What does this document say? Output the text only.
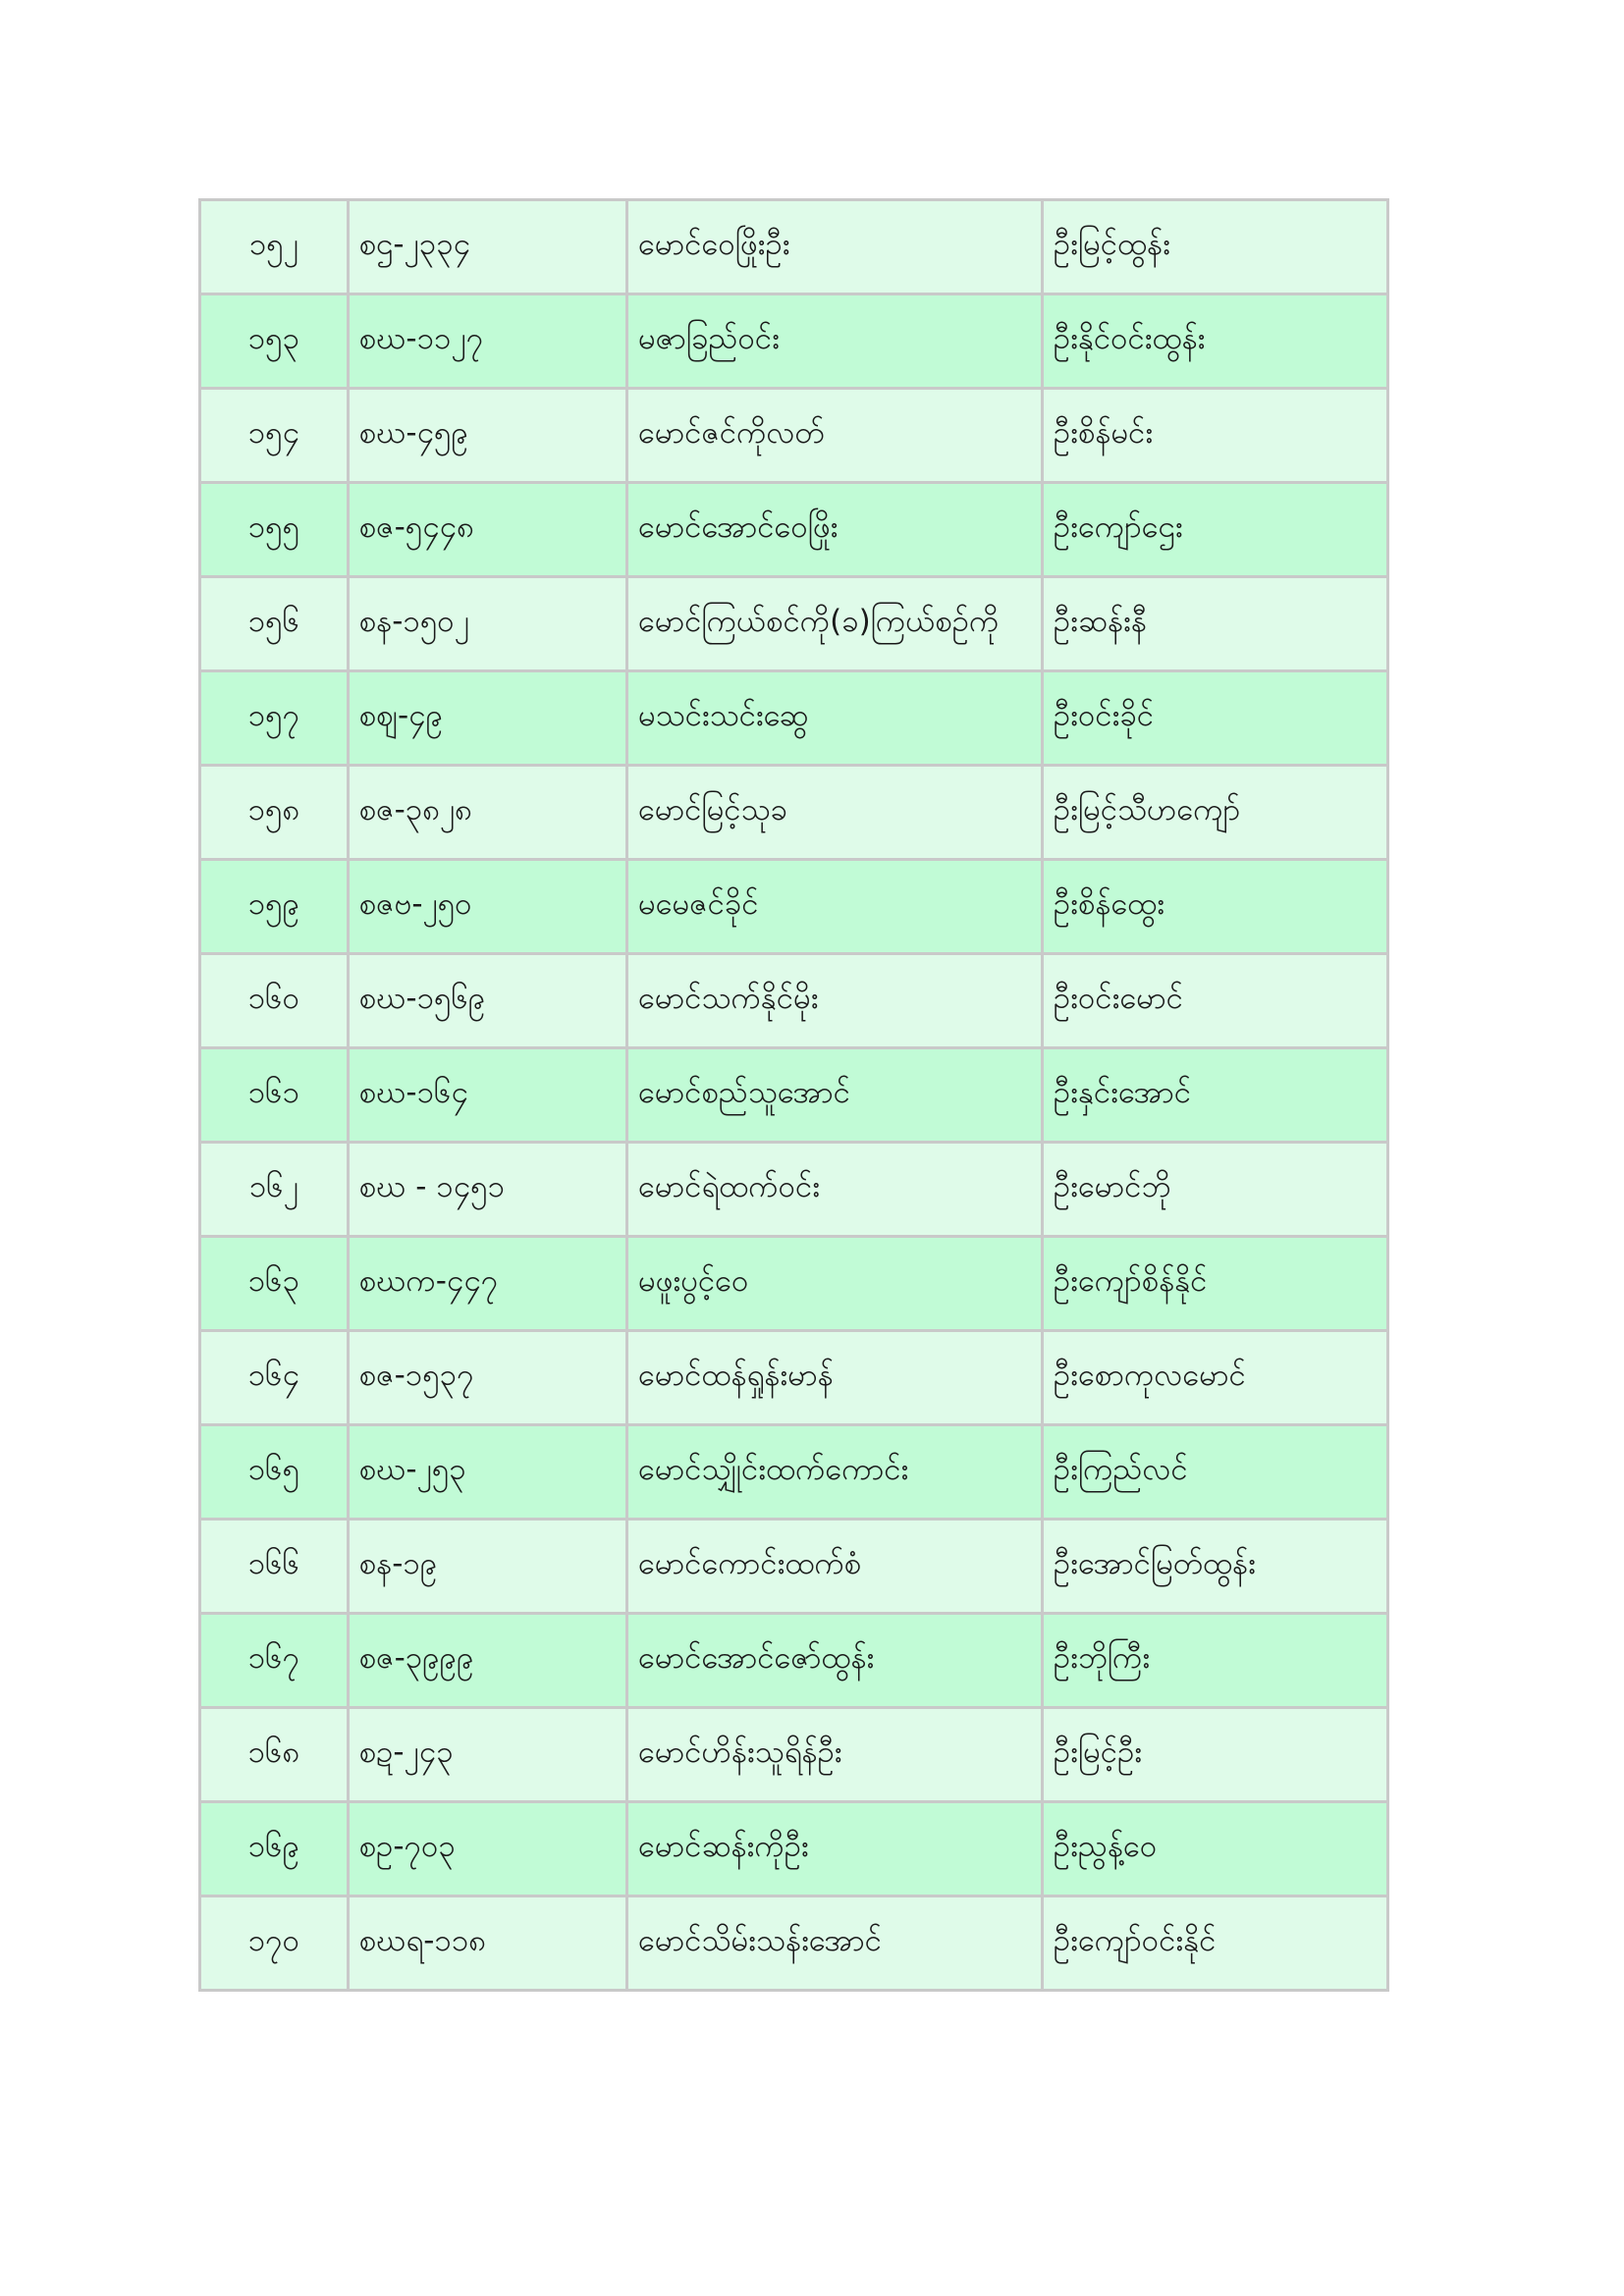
၁၅၂	စဌ-၂၃၃၄	မောင်ဝေဖြိုးဦး	ဦးမြင့်ထွန်း
၁၅၃	စဃ-၁၁၂၇	မဇာခြည်ဝင်း	ဦးနိုင်ဝင်းထွန်း
၁၅၄	စဃ-၄၅၉	မောင်ဇင်ကိုလတ်	ဦးစိန်မင်း
၁၅၅	စဇ-၅၄၄၈	မောင်အောင်ဝေဖြိုး	ဦးကျော်ဌေး
၁၅၆	စန-၁၅၀၂	မောင်ကြယ်စင်ကို(ခ)ကြယ်စဉ်ကို	ဦးဆန်းနီ
၁၅၇	စဈ-၄၉	မသင်းသင်းဆွေ	ဦးဝင်းခိုင်
၁၅၈	စဇ-၃၈၂၈	မောင်မြင့်သုခ	ဦးမြင့်သီဟကျော်
၁၅၉	စဇဗ-၂၅၀	မမေဇင်ခိုင်	ဦးစိန်ထွေး
၁၆၀	စဃ-၁၅၆၉	မောင်သက်နိုင်မိုး	ဦးဝင်းမောင်
၁၆၁	စဃ-၁၆၄	မောင်စည်သူအောင်	ဦးနှင်းအောင်
၁၆၂	စဃ - ၁၄၅၁	မောင်ရဲထက်ဝင်း	ဦးမောင်ဘို
၁၆၃	စဃက-၄၄၇	မဖူးပွင့်ဝေ	ဦးကျော်စိန်နိုင်
၁၆၄	စဇ-၁၅၃၇	မောင်ထန်ရှုန်းမာန်	ဦးစောကုလမောင်
၁၆၅	စဃ-၂၅၃	မောင်သျှိုင်းထက်ကောင်း	ဦးကြည်လင်
၁၆၆	စန-၁၉	မောင်ကောင်းထက်စံ	ဦးအောင်မြတ်ထွန်း
၁၆၇	စဇ-၃၉၉၉	မောင်အောင်ဇော်ထွန်း	ဦးဘိုကြီး
၁၆၈	စဍ-၂၄၃	မောင်ဟိန်းသူရိန်ဦး	ဦးမြင့်ဦး
၁၆၉	စဥ-၇၀၃	မောင်ဆန်းကိုဦး	ဦးညွန့်ဝေ
၁၇၀	စဃရ-၁၁၈	မောင်သိမ်းသန်းအောင်	ဦးကျော်ဝင်းနိုင်
